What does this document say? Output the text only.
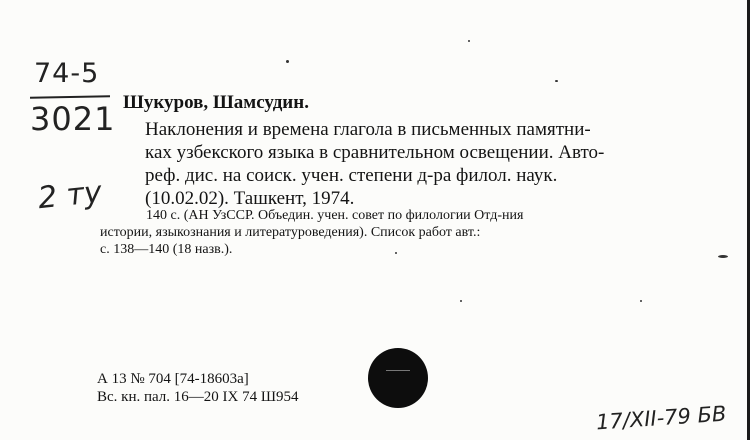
74-5
3021
2 ту
17/XII-79 БВ
Шукуров, Шамсудин.
Наклонения и времена глагола в письменных памятни-
ках узбекского языка в сравнительном освещении. Авто-
реф. дис. на соиск. учен. степени д-ра филол. наук.
(10.02.02). Ташкент, 1974.
140 с. (АН УзССР. Объедин. учен. совет по филологии Отд-ния
истории, языкознания и литературоведения). Список работ авт.:
с. 138—140 (18 назв.).
А 13 № 704 [74-18603а]
Вс. кн. пал. 16—20 IX 74 Ш954
